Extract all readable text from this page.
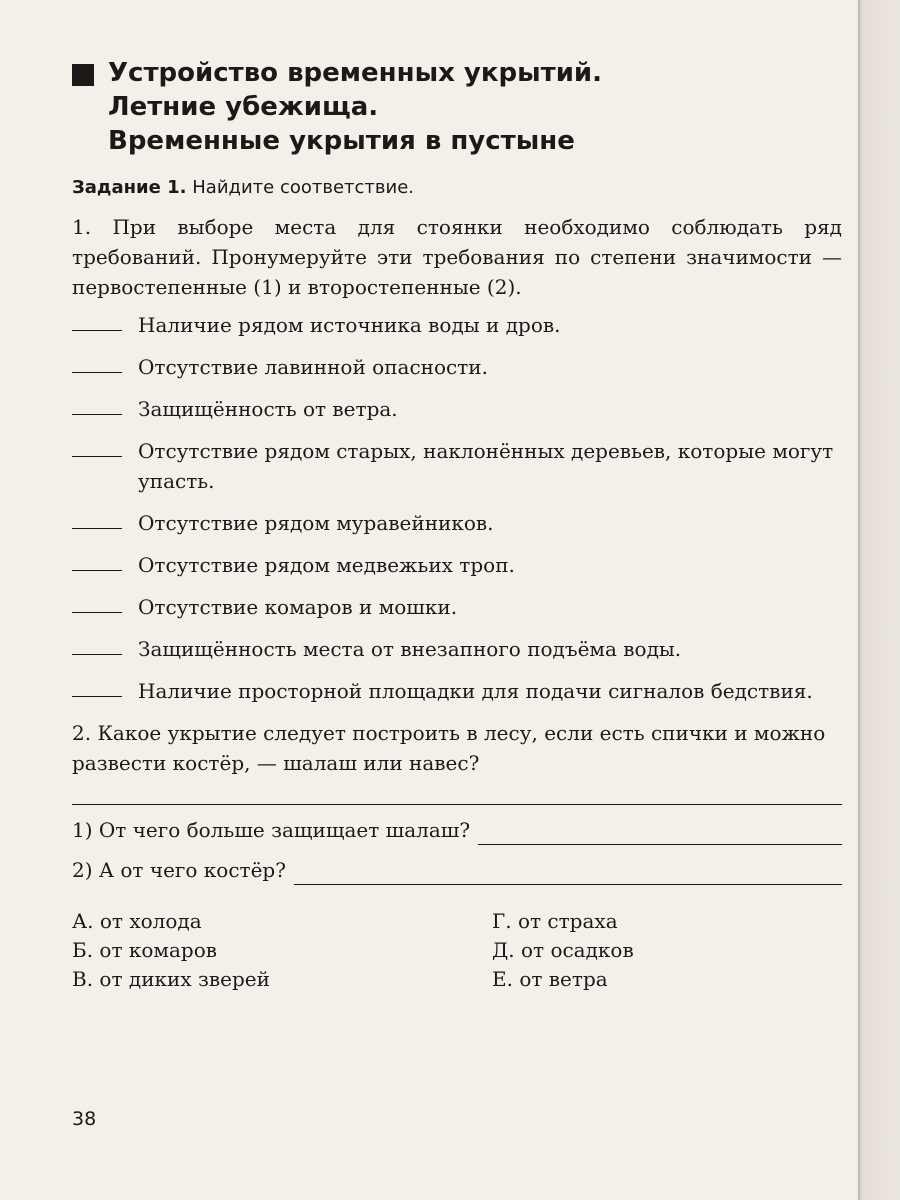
Устройство временных укрытий.
Летние убежища.
Временные укрытия в пустыне
Задание 1. Найдите соответствие.
1. При выборе места для стоянки необходимо соблюдать ряд требований. Пронумеруйте эти требования по степени значимости — первостепенные (1) и второстепенные (2).
Наличие рядом источника воды и дров.
Отсутствие лавинной опасности.
Защищённость от ветра.
Отсутствие рядом старых, наклонённых деревьев, которые могут упасть.
Отсутствие рядом муравейников.
Отсутствие рядом медвежьих троп.
Отсутствие комаров и мошки.
Защищённость места от внезапного подъёма воды.
Наличие просторной площадки для подачи сигналов бедствия.
2. Какое укрытие следует построить в лесу, если есть спички и можно развести костёр, — шалаш или навес?
1) От чего больше защищает шалаш?
2) А от чего костёр?
А. от холода	Г. от страха
Б. от комаров	Д. от осадков
В. от диких зверей	Е. от ветра
38
